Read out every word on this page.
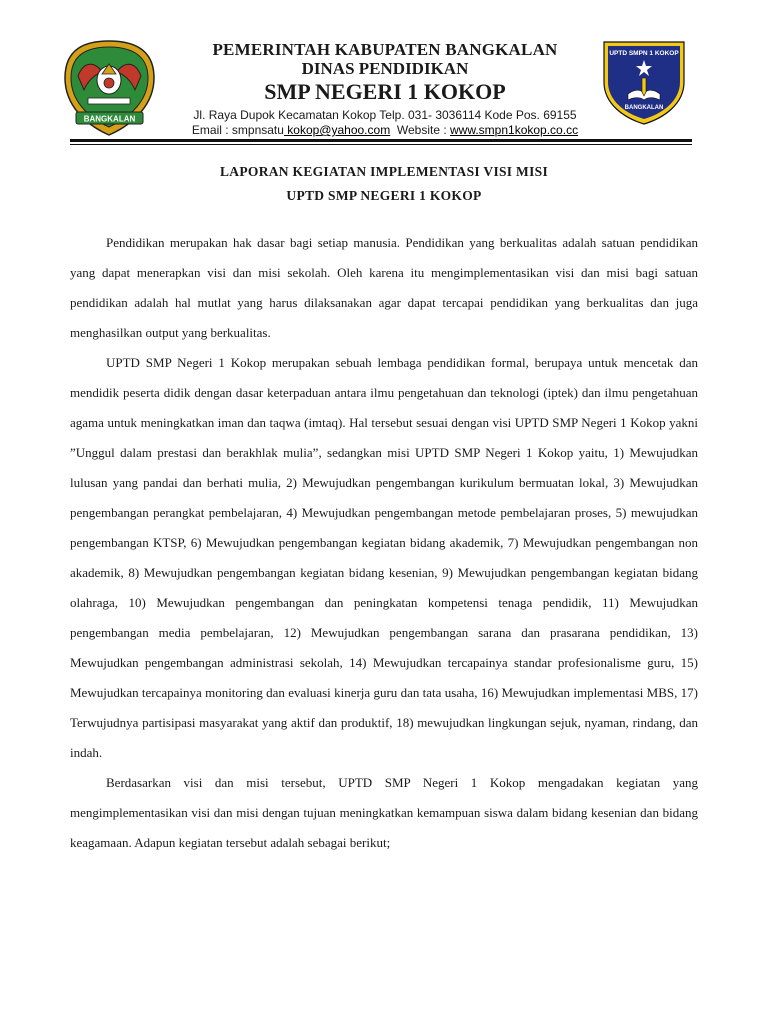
BANGKALAN
PEMERINTAH KABUPATEN BANGKALAN
DINAS PENDIDIKAN
SMP NEGERI 1 KOKOP
Jl. Raya Dupok Kecamatan Kokop Telp. 031- 3036114 Kode Pos. 69155
Email : smpnsatu kokop@yahoo.com  Website : www.smpn1kokop.co.cc
UPTD SMPN 1 KOKOP
BANGKALAN
LAPORAN KEGIATAN IMPLEMENTASI VISI MISI
UPTD SMP NEGERI 1 KOKOP

Pendidikan merupakan hak dasar bagi setiap manusia. Pendidikan yang berkualitas adalah satuan pendidikan yang dapat menerapkan visi dan misi sekolah. Oleh karena itu mengimplementasikan visi dan misi bagi satuan pendidikan adalah hal mutlat yang harus dilaksanakan agar dapat tercapai pendidikan yang berkualitas dan juga menghasilkan output yang berkualitas.

UPTD SMP Negeri 1 Kokop merupakan sebuah lembaga pendidikan formal, berupaya untuk mencetak dan mendidik peserta didik dengan dasar keterpaduan antara ilmu pengetahuan dan teknologi (iptek) dan ilmu pengetahuan agama untuk meningkatkan iman dan taqwa (imtaq). Hal tersebut sesuai dengan visi UPTD SMP Negeri 1 Kokop yakni ”Unggul dalam prestasi dan berakhlak mulia”, sedangkan misi UPTD SMP Negeri 1 Kokop yaitu, 1) Mewujudkan lulusan yang pandai dan berhati mulia, 2) Mewujudkan pengembangan kurikulum bermuatan lokal, 3) Mewujudkan pengembangan perangkat pembelajaran, 4) Mewujudkan pengembangan metode pembelajaran proses, 5) mewujudkan pengembangan KTSP, 6) Mewujudkan pengembangan kegiatan bidang akademik, 7) Mewujudkan pengembangan non akademik, 8) Mewujudkan pengembangan kegiatan bidang kesenian, 9) Mewujudkan pengembangan kegiatan bidang olahraga, 10) Mewujudkan pengembangan dan peningkatan kompetensi tenaga pendidik, 11) Mewujudkan pengembangan media pembelajaran, 12) Mewujudkan pengembangan sarana dan prasarana pendidikan, 13) Mewujudkan pengembangan administrasi sekolah, 14) Mewujudkan tercapainya standar profesionalisme guru, 15) Mewujudkan tercapainya monitoring dan evaluasi kinerja guru dan tata usaha, 16) Mewujudkan implementasi MBS, 17) Terwujudnya partisipasi masyarakat yang aktif dan produktif, 18) mewujudkan lingkungan sejuk, nyaman, rindang, dan indah.

Berdasarkan visi dan misi tersebut, UPTD SMP Negeri 1 Kokop mengadakan kegiatan yang mengimplementasikan visi dan misi dengan tujuan meningkatkan kemampuan siswa dalam bidang kesenian dan bidang keagamaan. Adapun kegiatan tersebut adalah sebagai berikut;
